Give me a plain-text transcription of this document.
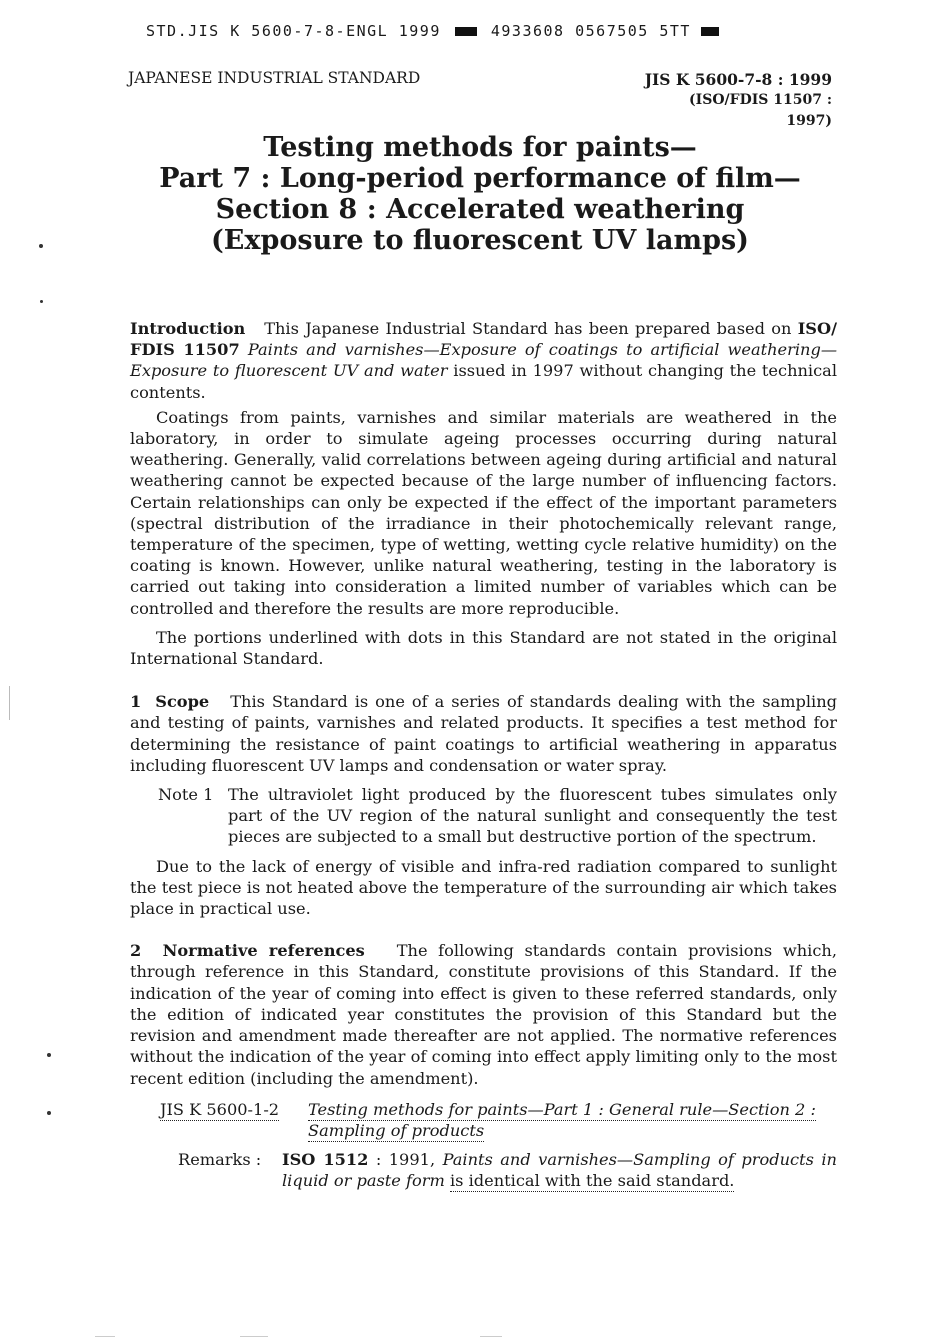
STD.JIS K 5600-7-8-ENGL 1999	4933608 0567505 5TT
JAPANESE INDUSTRIAL STANDARD	JIS K 5600-7-8 : 1999
(ISO/FDIS 11507 : 1997)
Testing methods for paints—
Part 7 : Long-period performance of film—
Section 8 : Accelerated weathering
(Exposure to fluorescent UV lamps)

Introduction This Japanese Industrial Standard has been prepared based on ISO/ FDIS 11507 Paints and varnishes—Exposure of coatings to artificial weathering—Exposure to fluorescent UV and water issued in 1997 without changing the technical contents.

Coatings from paints, varnishes and similar materials are weathered in the laboratory, in order to simulate ageing processes occurring during natural weathering. Generally, valid correlations between ageing during artificial and natural weathering cannot be expected because of the large number of influencing factors. Certain relationships can only be expected if the effect of the important parameters (spectral distribution of the irradiance in their photochemically relevant range, temperature of the specimen, type of wetting, wetting cycle relative humidity) on the coating is known. However, unlike natural weathering, testing in the laboratory is carried out taking into consideration a limited number of variables which can be controlled and therefore the results are more reproducible.

The portions underlined with dots in this Standard are not stated in the original International Standard.

1 Scope This Standard is one of a series of standards dealing with the sampling and testing of paints, varnishes and related products. It specifies a test method for determining the resistance of paint coatings to artificial weathering in apparatus including fluorescent UV lamps and condensation or water spray.

Note 1 The ultraviolet light produced by the fluorescent tubes simulates only part of the UV region of the natural sunlight and consequently the test pieces are subjected to a small but destructive portion of the spectrum.

Due to the lack of energy of visible and infra-red radiation compared to sunlight the test piece is not heated above the temperature of the surrounding air which takes place in practical use.

2 Normative references The following standards contain provisions which, through reference in this Standard, constitute provisions of this Standard. If the indication of the year of coming into effect is given to these referred standards, only the edition of indicated year constitutes the provision of this Standard but the revision and amendment made thereafter are not applied. The normative references without the indication of the year of coming into effect apply limiting only to the most recent edition (including the amendment).

JIS K 5600-1-2	Testing methods for paints—Part 1 : General rule—Section 2 :
Sampling of products
Remarks :	ISO 1512 : 1991, Paints and varnishes—Sampling of products in liquid or paste form is identical with the said standard.
